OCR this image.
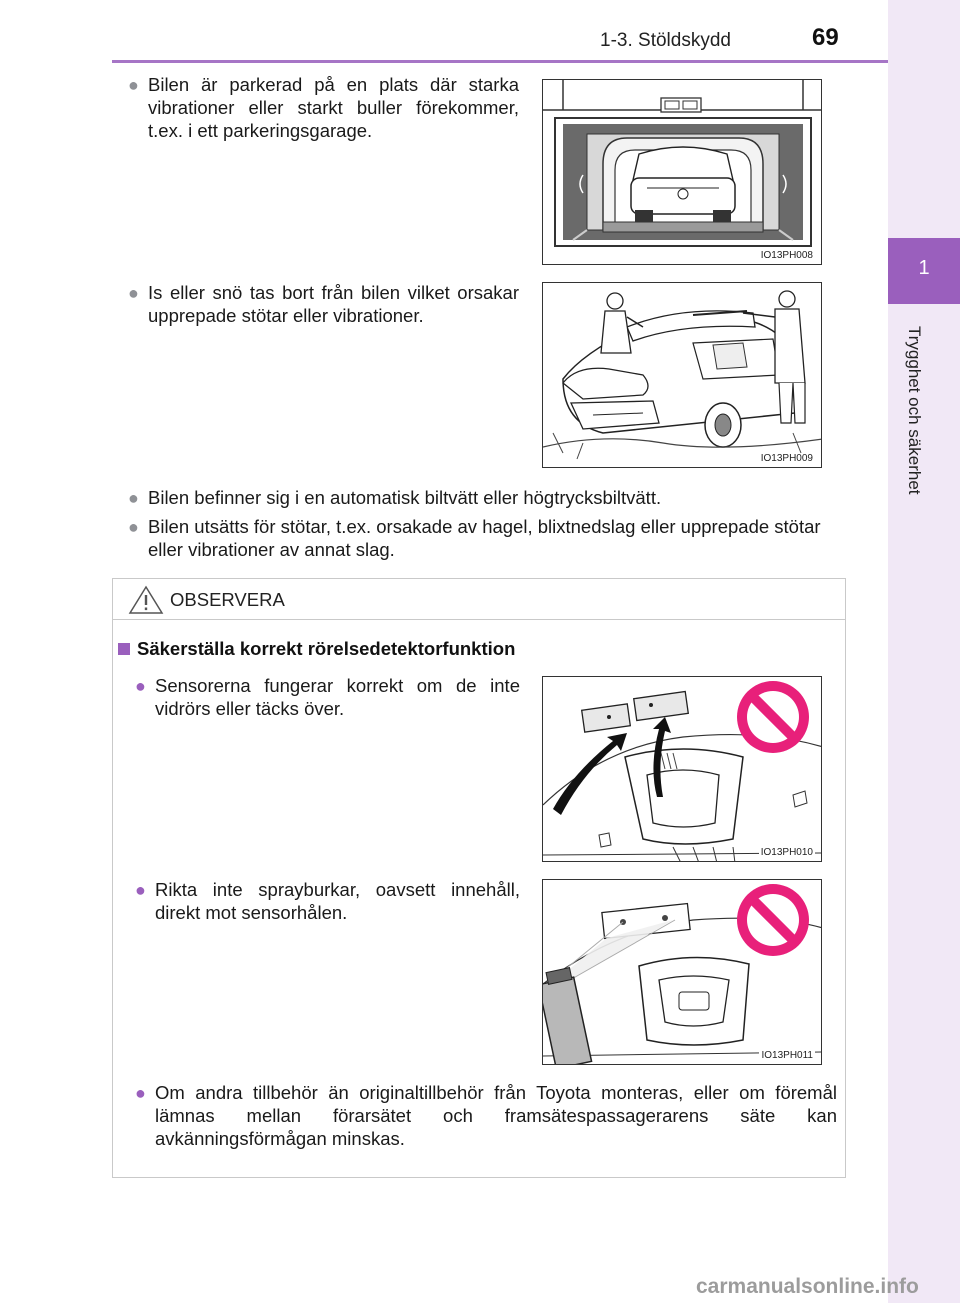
1-3. Stöldskydd	69
1
Trygghet och säkerhet
● Bilen är parkerad på en plats där starka vibrationer eller starkt buller förekommer, t.ex. i ett parkeringsgarage.
IO13PH008
● Is eller snö tas bort från bilen vilket orsakar upprepade stötar eller vibrationer.
IO13PH009
● Bilen befinner sig i en automatisk biltvätt eller högtrycksbiltvätt.
● Bilen utsätts för stötar, t.ex. orsakade av hagel, blixtnedslag eller upprepade stötar eller vibrationer av annat slag.
OBSERVERA
Säkerställa korrekt rörelsedetektorfunktion
● Sensorerna fungerar korrekt om de inte vidrörs eller täcks över.
IO13PH010
● Rikta inte sprayburkar, oavsett innehåll, direkt mot sensorhålen.
IO13PH011
● Om andra tillbehör än originaltillbehör från Toyota monteras, eller om föremål lämnas mellan förarsätet och framsätespassagerarens säte kan avkänningsförmågan minskas.
carmanualsonline.info
